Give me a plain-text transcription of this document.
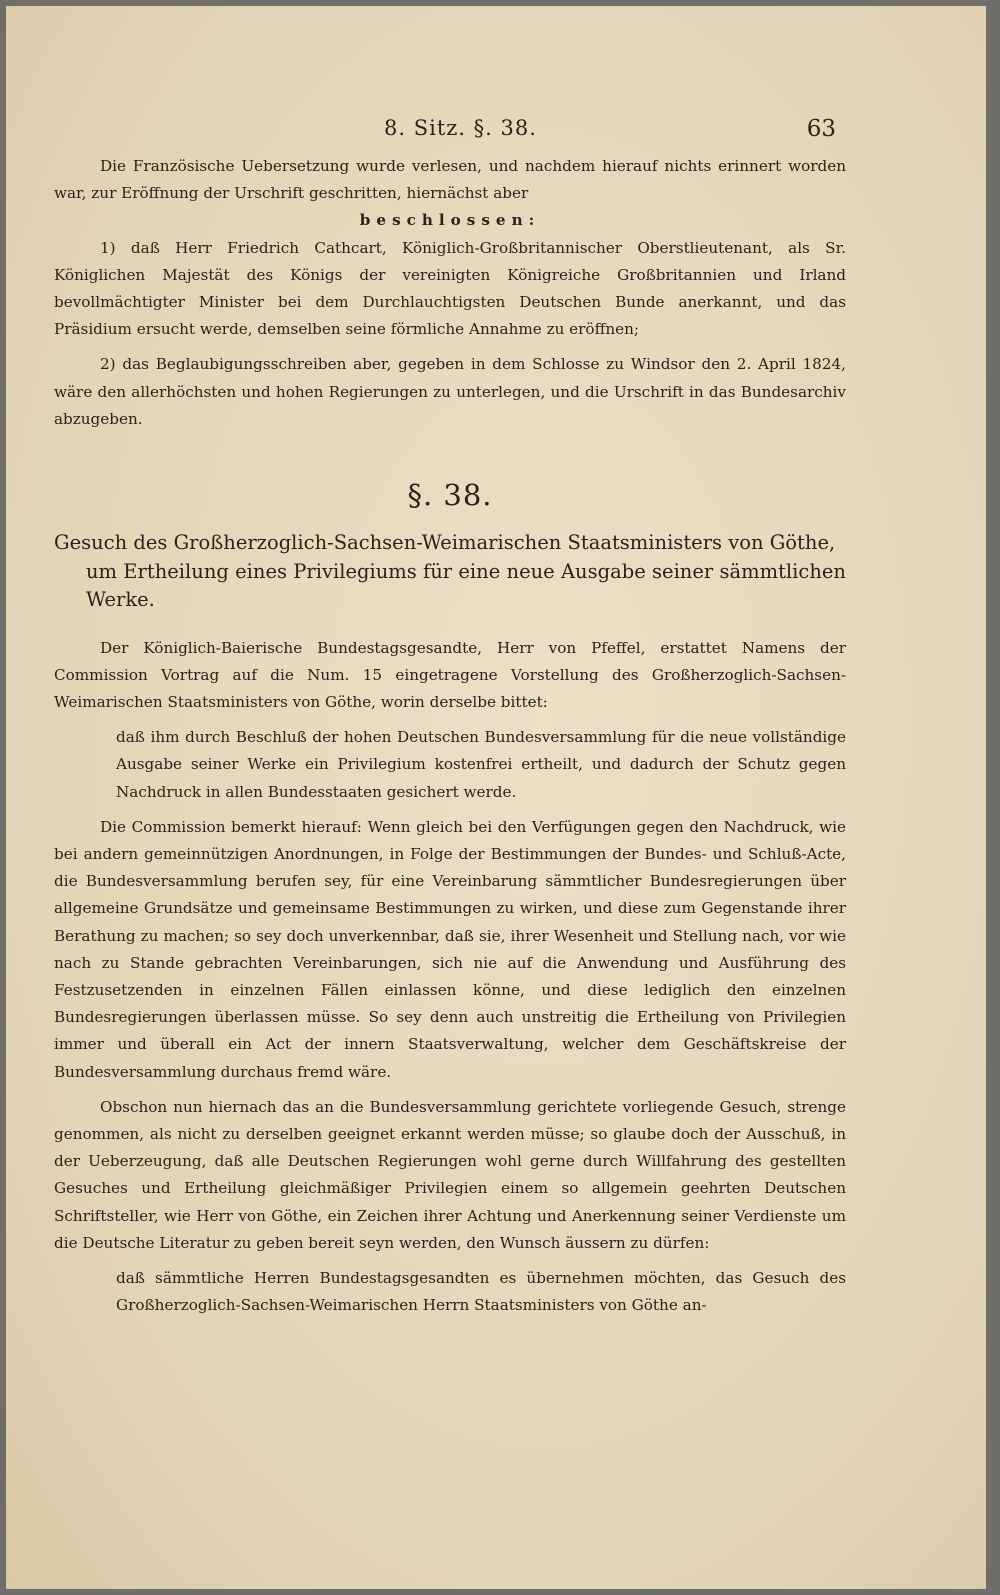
8. Sitz. §. 38.	63

Die Französische Uebersetzung wurde verlesen, und nachdem hierauf nichts erinnert worden war, zur Eröffnung der Urschrift geschritten, hiernächst aber

beschlossen:

1) daß Herr Friedrich Cathcart, Königlich-Großbritannischer Oberstlieutenant, als Sr. Königlichen Majestät des Königs der vereinigten Königreiche Großbritannien und Irland bevollmächtigter Minister bei dem Durchlauchtigsten Deutschen Bunde anerkannt, und das Präsidium ersucht werde, demselben seine förmliche Annahme zu eröffnen;

2) das Beglaubigungsschreiben aber, gegeben in dem Schlosse zu Windsor den 2. April 1824, wäre den allerhöchsten und hohen Regierungen zu unterlegen, und die Urschrift in das Bundesarchiv abzugeben.

§. 38.
Gesuch des Großherzoglich-Sachsen-Weimarischen Staatsministers von Göthe,
um Ertheilung eines Privilegiums für eine neue Ausgabe seiner sämmtlichen Werke.

Der Königlich-Baierische Bundestagsgesandte, Herr von Pfeffel, erstattet Namens der Commission Vortrag auf die Num. 15 eingetragene Vorstellung des Großherzoglich-Sachsen-Weimarischen Staatsministers von Göthe, worin derselbe bittet:

daß ihm durch Beschluß der hohen Deutschen Bundesversammlung für die neue vollständige Ausgabe seiner Werke ein Privilegium kostenfrei ertheilt, und dadurch der Schutz gegen Nachdruck in allen Bundesstaaten gesichert werde.

Die Commission bemerkt hierauf: Wenn gleich bei den Verfügungen gegen den Nachdruck, wie bei andern gemeinnützigen Anordnungen, in Folge der Bestimmungen der Bundes- und Schluß-Acte, die Bundesversammlung berufen sey, für eine Vereinbarung sämmtlicher Bundesregierungen über allgemeine Grundsätze und gemeinsame Bestimmungen zu wirken, und diese zum Gegenstande ihrer Berathung zu machen; so sey doch unverkennbar, daß sie, ihrer Wesenheit und Stellung nach, vor wie nach zu Stande gebrachten Vereinbarungen, sich nie auf die Anwendung und Ausführung des Festzusetzenden in einzelnen Fällen einlassen könne, und diese lediglich den einzelnen Bundesregierungen überlassen müsse. So sey denn auch unstreitig die Ertheilung von Privilegien immer und überall ein Act der innern Staatsverwaltung, welcher dem Geschäftskreise der Bundesversammlung durchaus fremd wäre.

Obschon nun hiernach das an die Bundesversammlung gerichtete vorliegende Gesuch, strenge genommen, als nicht zu derselben geeignet erkannt werden müsse; so glaube doch der Ausschuß, in der Ueberzeugung, daß alle Deutschen Regierungen wohl gerne durch Willfahrung des gestellten Gesuches und Ertheilung gleichmäßiger Privilegien einem so allgemein geehrten Deutschen Schriftsteller, wie Herr von Göthe, ein Zeichen ihrer Achtung und Anerkennung seiner Verdienste um die Deutsche Literatur zu geben bereit seyn werden, den Wunsch äussern zu dürfen:

daß sämmtliche Herren Bundestagsgesandten es übernehmen möchten, das Gesuch des Großherzoglich-Sachsen-Weimarischen Herrn Staatsministers von Göthe an-
